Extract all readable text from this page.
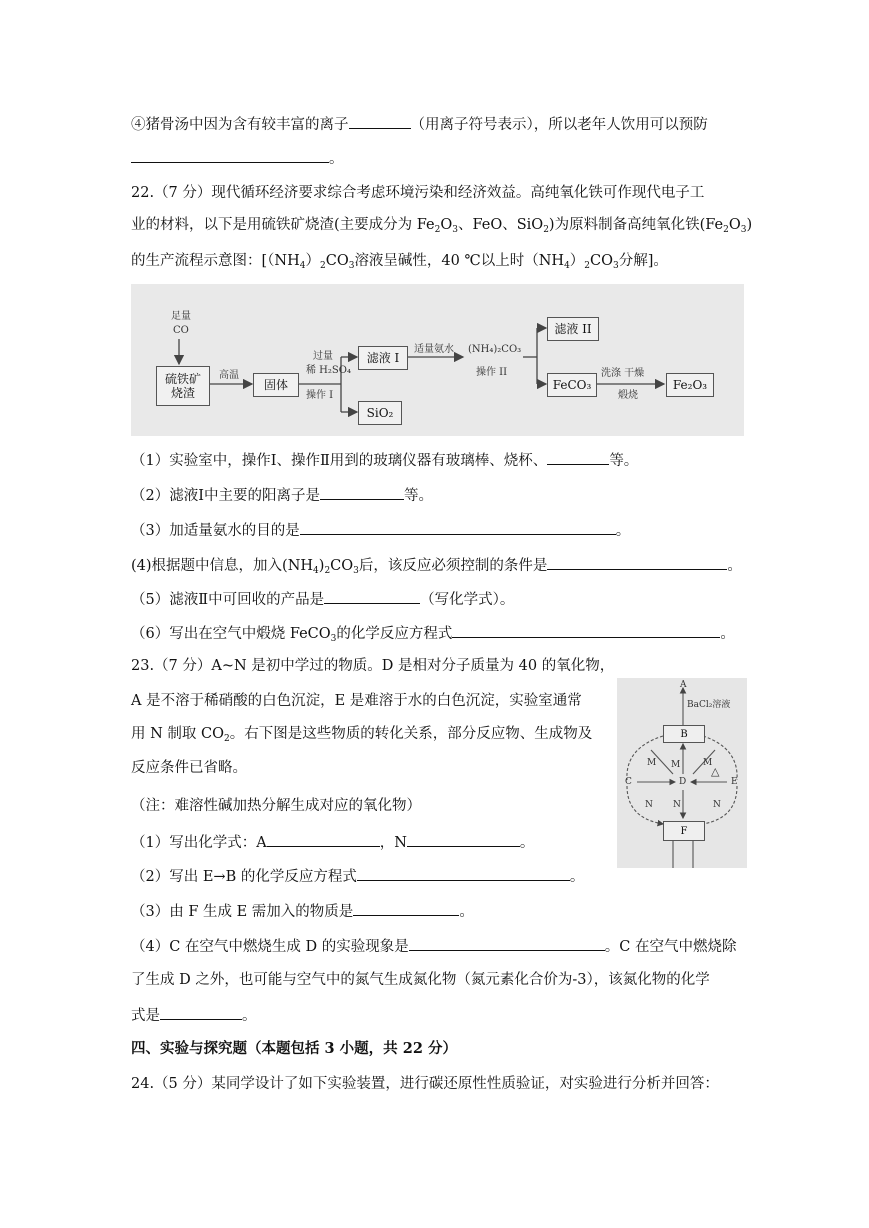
④猪骨汤中因为含有较丰富的离子	（用离子符号表示），所以老年人饮用可以预防
。
22.（7 分）现代循环经济要求综合考虑环境污染和经济效益。高纯氧化铁可作现代电子工
业的材料，以下是用硫铁矿烧渣(主要成分为 $Fe_2O_3$、FeO、SiO$_2$)为原料制备高纯氧化铁$(Fe_2O_3)$
的生产流程示意图：[$(NH_4)_2CO_3$溶液呈碱性，40 ℃以上时$(NH_4)_2CO_3$分解]。
足量
CO
硫铁矿
烧渣
高温
固体
过量
稀 H₂SO₄
操作 I
滤液 I
SiO₂
适量氨水 (NH₄)₂CO₃
操作 II
滤液 II
FeCO₃
洗涤 干燥
煅烧
Fe₂O₃
（1）实验室中，操作Ⅰ、操作Ⅱ用到的玻璃仪器有玻璃棒、烧杯、	等。
（2）滤液Ⅰ中主要的阳离子是	等。
（3）加适量氨水的目的是	。
(4)根据题中信息，加入$(NH_4)_2CO_3$后，该反应必须控制的条件是	。
（5）滤液Ⅱ中可回收的产品是	（写化学式）。
（6）写出在空气中煅烧 FeCO$_3$的化学反应方程式	。
23.（7 分）A~N 是初中学过的物质。D 是相对分子质量为 40 的氧化物，
A 是不溶于稀硝酸的白色沉淀，E 是难溶于水的白色沉淀，实验室通常
用 N 制取 $CO_2$。右下图是这些物质的转化关系，部分反应物、生成物及
反应条件已省略。
（注：难溶性碱加热分解生成对应的氧化物）
A
BaCl₂溶液
B
C	D	E
M M	M
△
N N	N
F
（1）写出化学式：A	，N	。
（2）写出 E→B 的化学反应方程式	。
（3）由 F 生成 E 需加入的物质是	。
（4）C 在空气中燃烧生成 D 的实验现象是	。C 在空气中燃烧除
了生成 D 之外，也可能与空气中的氮气生成氮化物（氮元素化合价为-3），该氮化物的化学
式是	。
四、实验与探究题（本题包括 3 小题，共 22 分）
24.（5 分）某同学设计了如下实验装置，进行碳还原性性质验证，对实验进行分析并回答：
